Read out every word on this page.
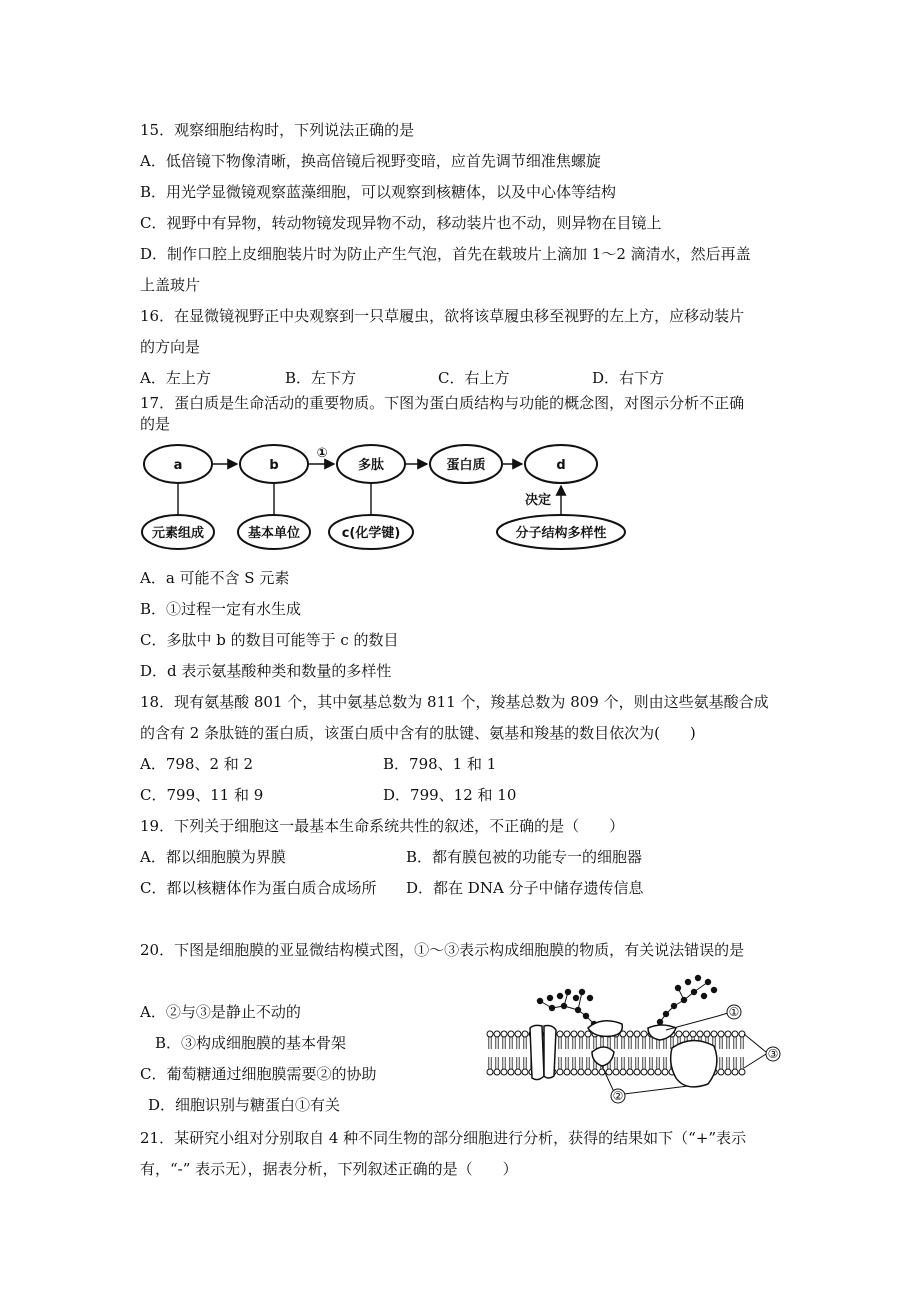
15．观察细胞结构时，下列说法正确的是
A．低倍镜下物像清晰，换高倍镜后视野变暗，应首先调节细准焦螺旋
B．用光学显微镜观察蓝藻细胞，可以观察到核糖体，以及中心体等结构
C．视野中有异物，转动物镜发现异物不动，移动装片也不动，则异物在目镜上
D．制作口腔上皮细胞装片时为防止产生气泡，首先在载玻片上滴加 1～2 滴清水，然后再盖
上盖玻片
16．在显微镜视野正中央观察到一只草履虫，欲将该草履虫移至视野的左上方，应移动装片
的方向是
A．左上方	B．左下方	C．右上方	D．右下方
17．蛋白质是生命活动的重要物质。下图为蛋白质结构与功能的概念图，对图示分析不正确
的是
a	b
①
多肽	蛋白质	d
决定
元素组成	基本单位	c(化学键)	分子结构多样性
A．a 可能不含 S 元素
B．①过程一定有水生成
C．多肽中 b 的数目可能等于 c 的数目
D．d 表示氨基酸种类和数量的多样性
18．现有氨基酸 801 个，其中氨基总数为 811 个，羧基总数为 809 个，则由这些氨基酸合成
的含有 2 条肽链的蛋白质，该蛋白质中含有的肽键、氨基和羧基的数目依次为(　　)
A．798、2 和 2	B．798、1 和 1
C．799、11 和 9	D．799、12 和 10
19．下列关于细胞这一最基本生命系统共性的叙述，不正确的是（　　）
A．都以细胞膜为界膜	B．都有膜包被的功能专一的细胞器
C．都以核糖体作为蛋白质合成场所 D．都在 DNA 分子中储存遗传信息
20．下图是细胞膜的亚显微结构模式图，①～③表示构成细胞膜的物质，有关说法错误的是
A．②与③是静止不动的
B．③构成细胞膜的基本骨架
C．葡萄糖通过细胞膜需要②的协助
D．细胞识别与糖蛋白①有关
①
②
③
21．某研究小组对分别取自 4 种不同生物的部分细胞进行分析，获得的结果如下（“+”表示
有，“-” 表示无），据表分析，下列叙述正确的是（　　）
